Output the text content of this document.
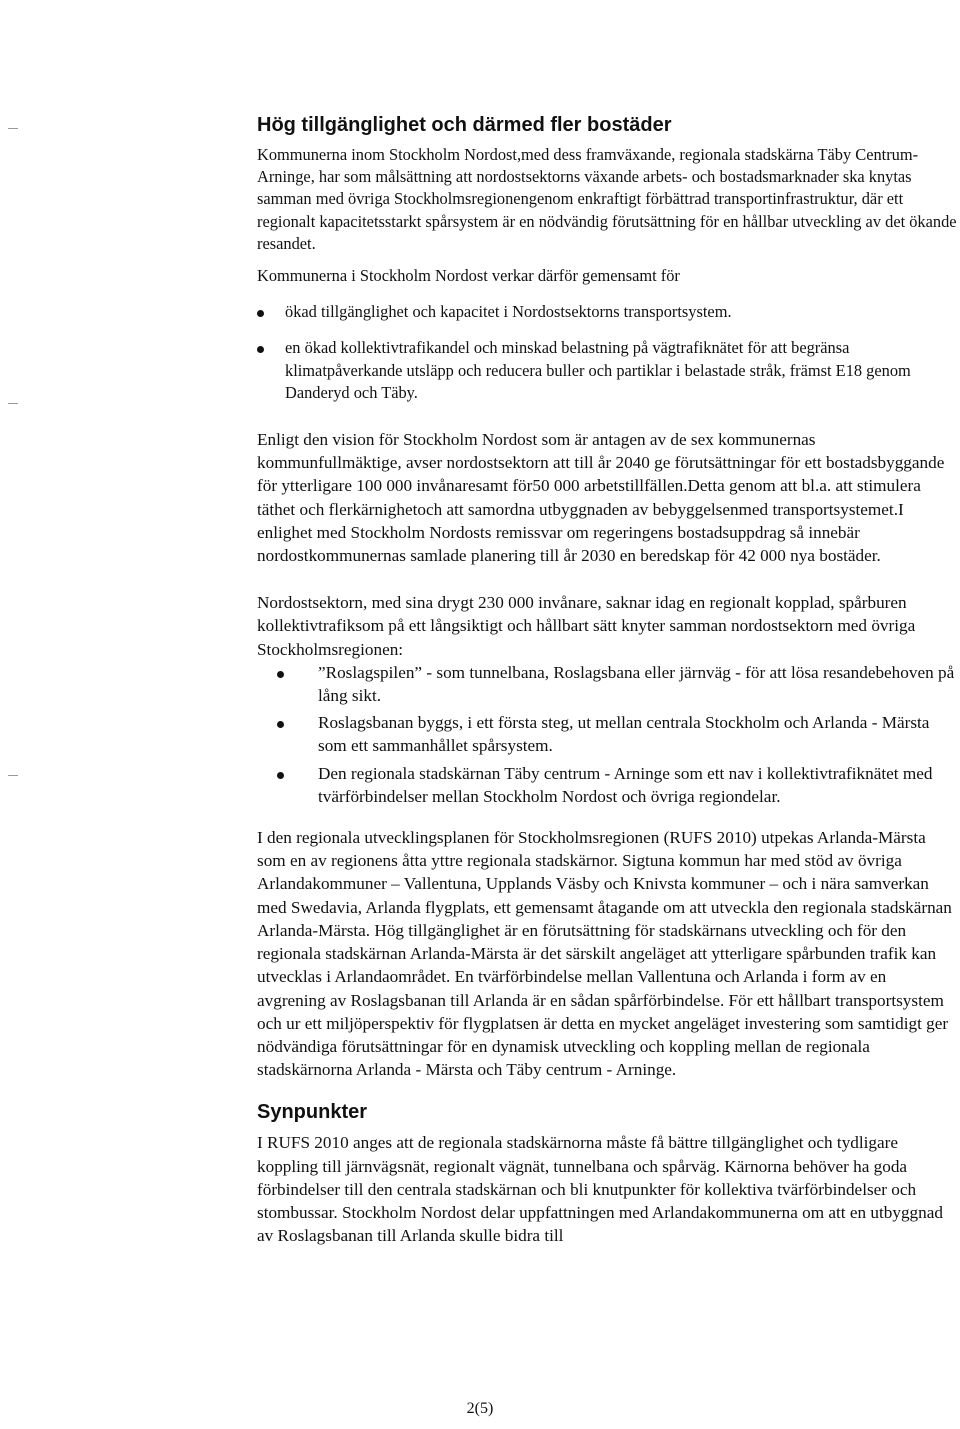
Hög tillgänglighet och därmed fler bostäder

Kommunerna inom Stockholm Nordost,med dess framväxande, regionala stadskärna Täby Centrum-Arninge, har som målsättning att nordostsektorns växande arbets- och bostadsmarknader ska knytas samman med övriga Stockholmsregionengenom enkraftigt förbättrad transportinfrastruktur, där ett regionalt kapacitetsstarkt spårsystem är en nödvändig förutsättning för en hållbar utveckling av det ökande resandet.

Kommunerna i Stockholm Nordost verkar därför gemensamt för

ökad tillgänglighet och kapacitet i Nordostsektorns transportsystem.
en ökad kollektivtrafikandel och minskad belastning på vägtrafiknätet för att begränsa klimatpåverkande utsläpp och reducera buller och partiklar i belastade stråk, främst E18 genom Danderyd och Täby.

Enligt den vision för Stockholm Nordost som är antagen av de sex kommunernas kommunfullmäktige, avser nordostsektorn att till år 2040 ge förutsättningar för ett bostadsbyggande för ytterligare 100 000 invånaresamt för50 000 arbetstillfällen.Detta genom att bl.a. att stimulera täthet och flerkärnighetoch att samordna utbyggnaden av bebyggelsenmed transportsystemet.I enlighet med Stockholm Nordosts remissvar om regeringens bostadsuppdrag så innebär nordostkommunernas samlade planering till år 2030 en beredskap för 42 000 nya bostäder.

Nordostsektorn, med sina drygt 230 000 invånare, saknar idag en regionalt kopplad, spårburen kollektivtrafiksom på ett långsiktigt och hållbart sätt knyter samman nordostsektorn med övriga Stockholmsregionen:

”Roslagspilen” - som tunnelbana, Roslagsbana eller järnväg - för att lösa resandebehoven på lång sikt.
Roslagsbanan byggs, i ett första steg, ut mellan centrala Stockholm och Arlanda - Märsta som ett sammanhållet spårsystem.
Den regionala stadskärnan Täby centrum - Arninge som ett nav i kollektivtrafiknätet med tvärförbindelser mellan Stockholm Nordost och övriga regiondelar.

I den regionala utvecklingsplanen för Stockholmsregionen (RUFS 2010) utpekas Arlanda-Märsta som en av regionens åtta yttre regionala stadskärnor. Sigtuna kommun har med stöd av övriga Arlandakommuner – Vallentuna, Upplands Väsby och Knivsta kommuner – och i nära samverkan med Swedavia, Arlanda flygplats, ett gemensamt åtagande om att utveckla den regionala stadskärnan Arlanda-Märsta. Hög tillgänglighet är en förutsättning för stadskärnans utveckling och för den regionala stadskärnan Arlanda-Märsta är det särskilt angeläget att ytterligare spårbunden trafik kan utvecklas i Arlandaområdet. En tvärförbindelse mellan Vallentuna och Arlanda i form av en avgrening av Roslagsbanan till Arlanda är en sådan spårförbindelse. För ett hållbart transportsystem och ur ett miljöperspektiv för flygplatsen är detta en mycket angeläget investering som samtidigt ger nödvändiga förutsättningar för en dynamisk utveckling och koppling mellan de regionala stadskärnorna Arlanda - Märsta och Täby centrum - Arninge.

Synpunkter

I RUFS 2010 anges att de regionala stadskärnorna måste få bättre tillgänglighet och tydligare koppling till järnvägsnät, regionalt vägnät, tunnelbana och spårväg. Kärnorna behöver ha goda förbindelser till den centrala stadskärnan och bli knutpunkter för kollektiva tvärförbindelser och stombussar. Stockholm Nordost delar uppfattningen med Arlandakommunerna om att en utbyggnad av Roslagsbanan till Arlanda skulle bidra till

2(5)
